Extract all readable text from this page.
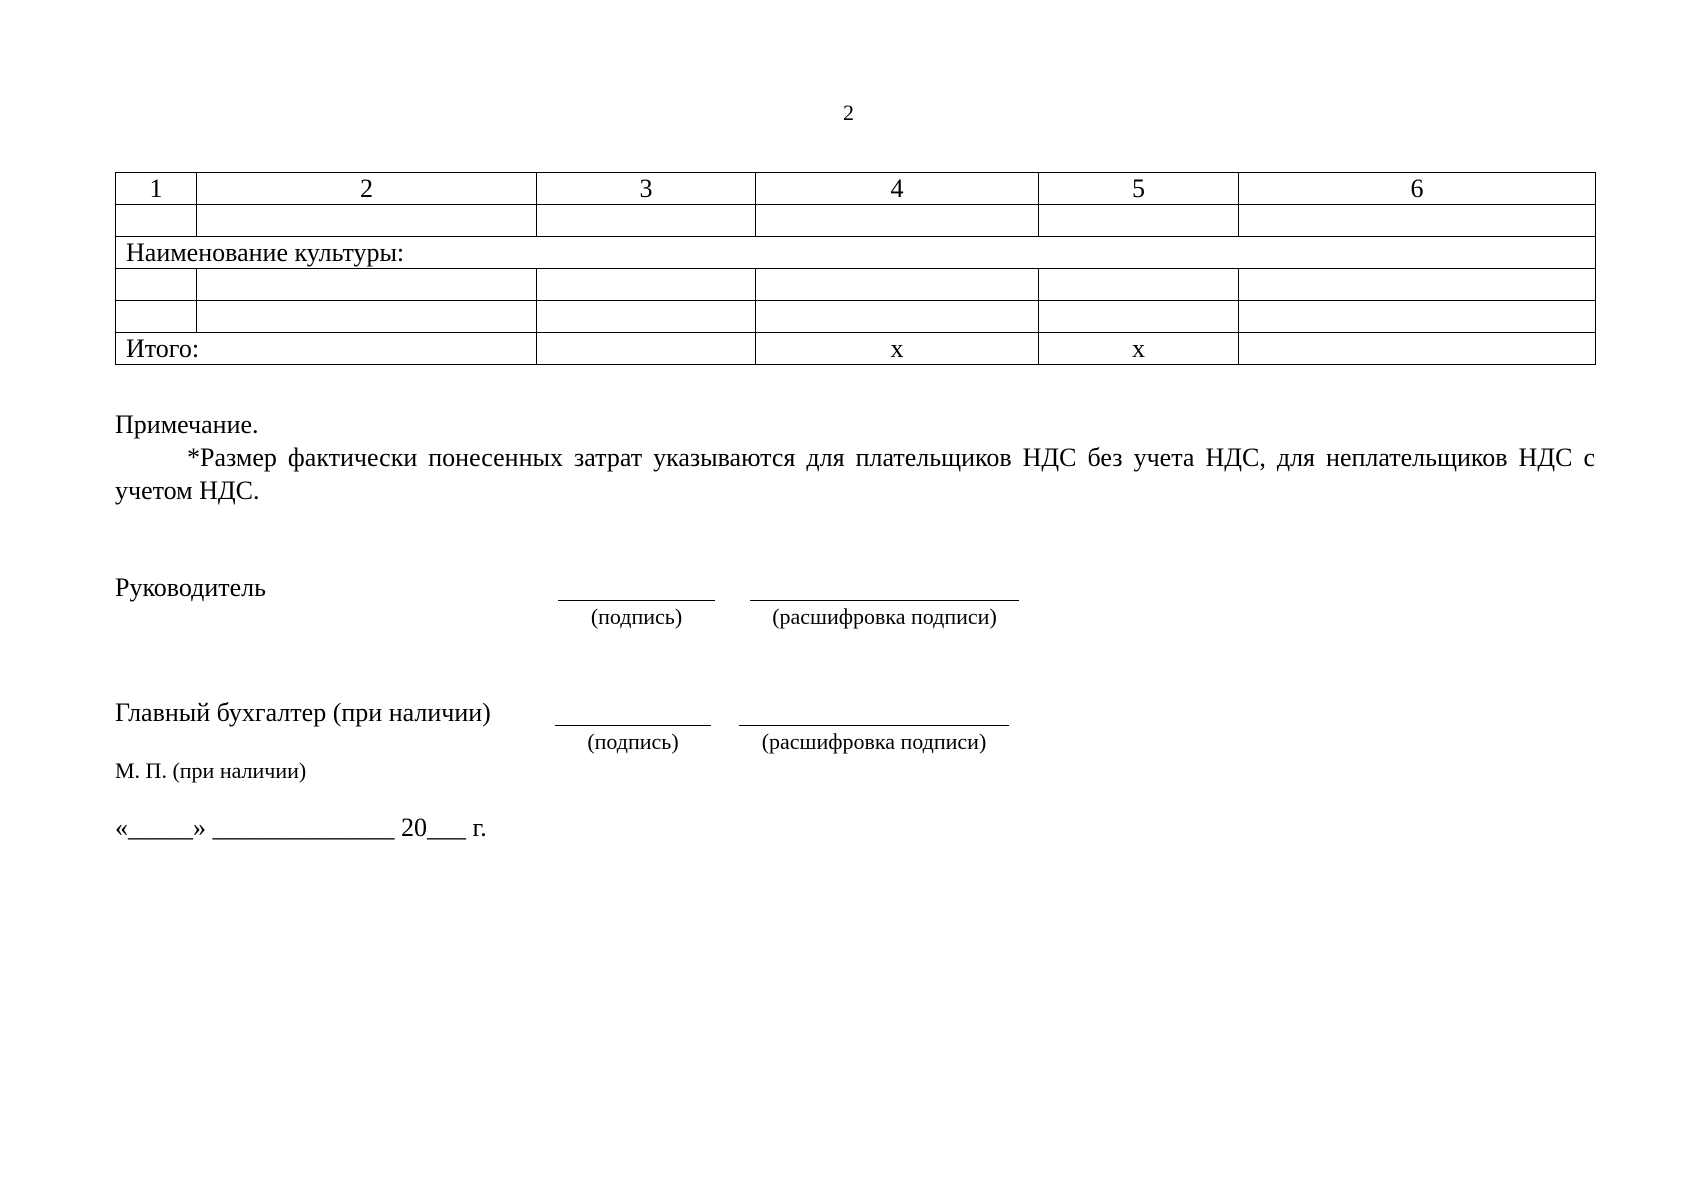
2
1	2	3	4	5	6

Наименование культуры:					

Итого:			х	х	
Примечание.
*Размер фактически понесенных затрат указываются для плательщиков НДС без учета НДС, для неплательщиков НДС с учетом НДС.
Руководитель
(подпись)	(расшифровка подписи)
Главный бухгалтер (при наличии)
(подпись)	(расшифровка подписи)
М. П. (при наличии)
«_____» ______________ 20___ г.
